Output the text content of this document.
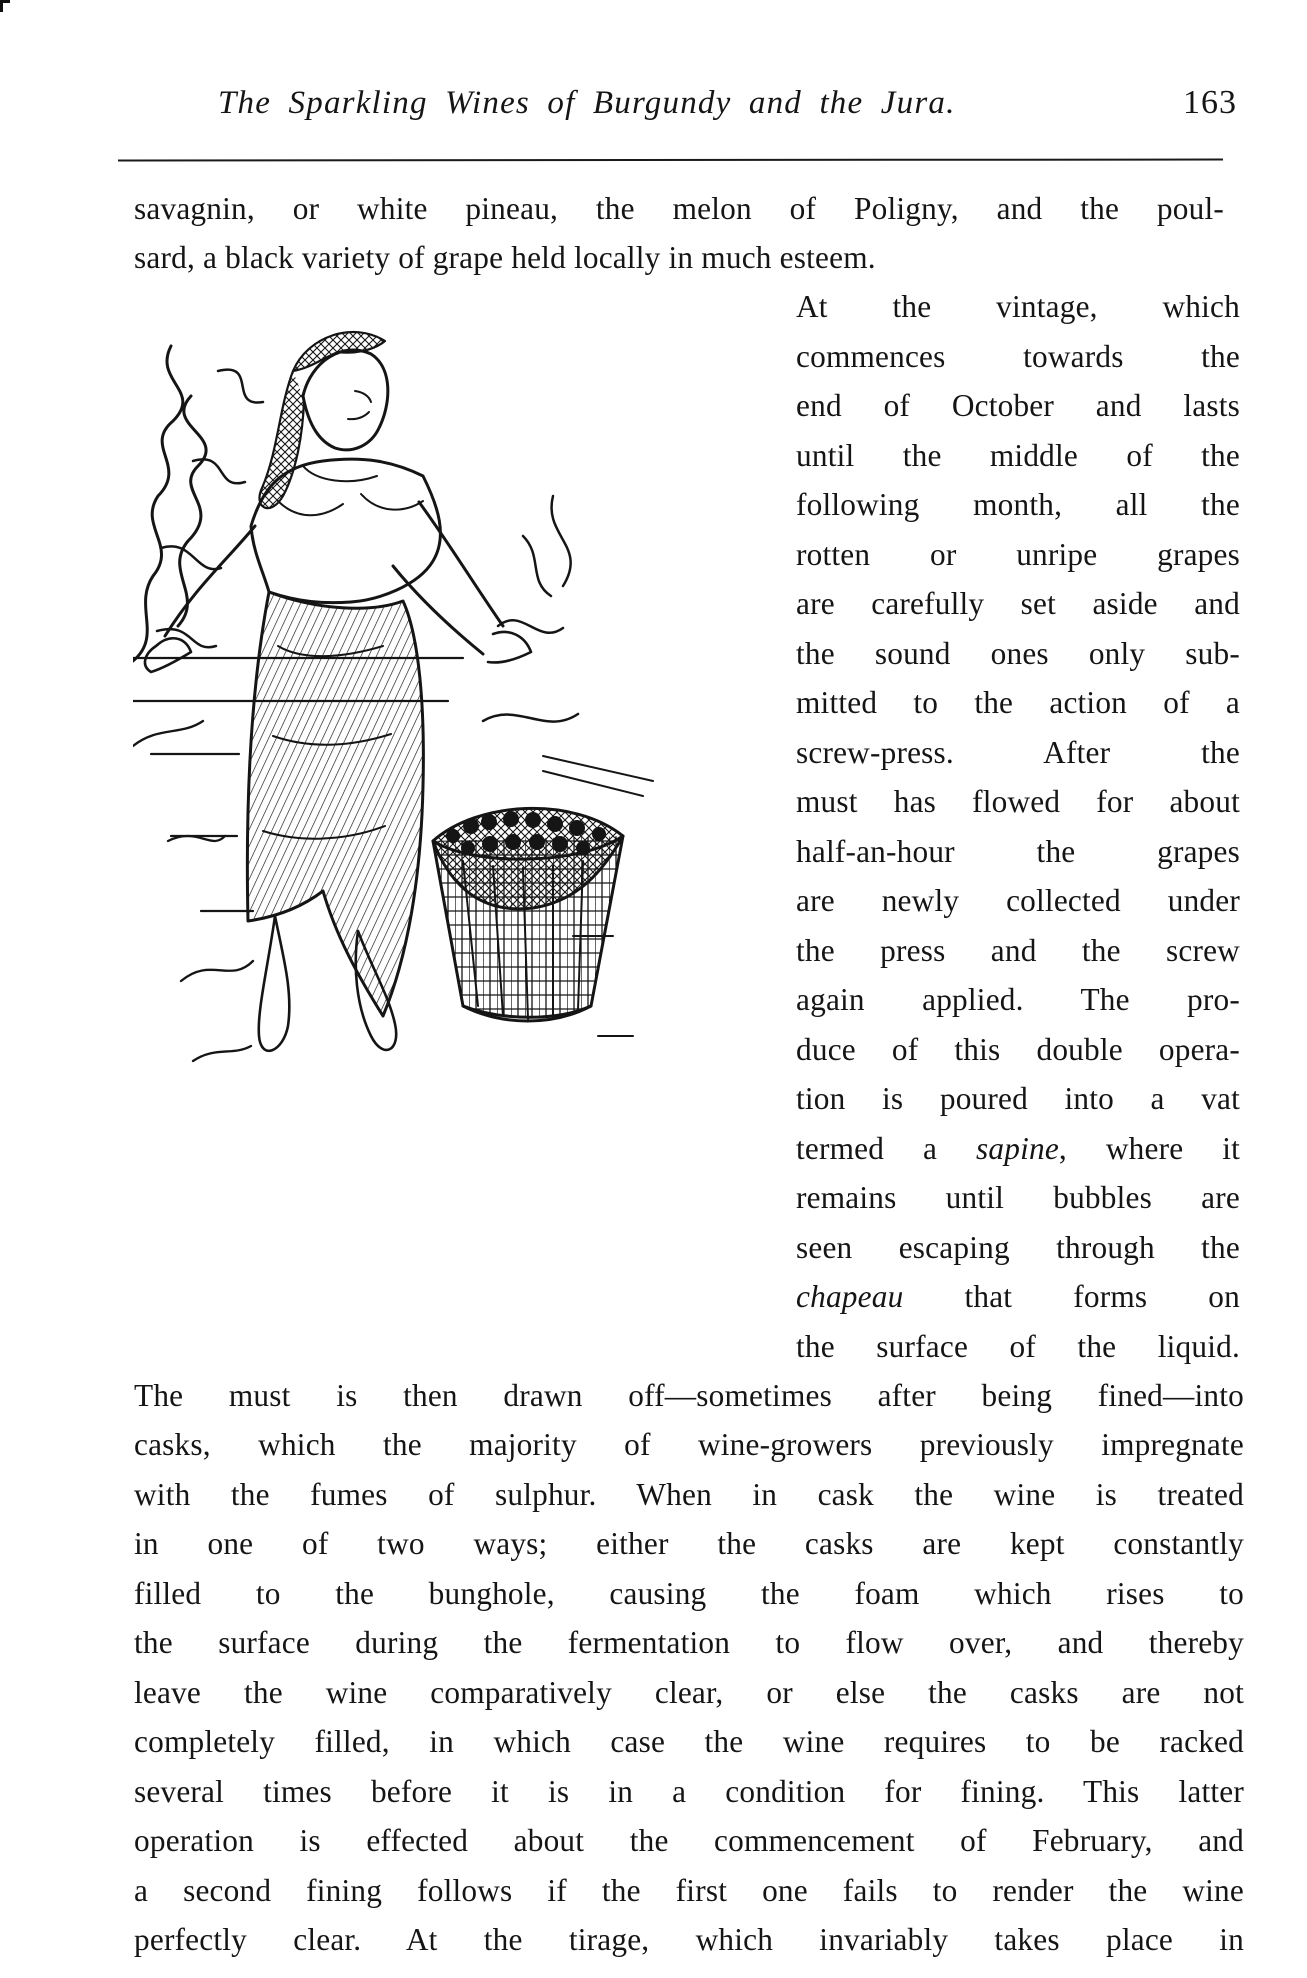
The Sparkling Wines of Burgundy and the Jura.	163

savagnin, or white pineau, the melon of Poligny, and the poul-

sard, a black variety of grape held locally in much esteem.

At the vintage, which

commences towards the

end of October and lasts

until the middle of the

following month, all the

rotten or unripe grapes

are carefully set aside and

the sound ones only sub-

mitted to the action of a

screw-press. After the

must has flowed for about

half-an-hour the grapes

are newly collected under

the press and the screw

again applied. The pro-

duce of this double opera-

tion is poured into a vat

termed a sapine, where it

remains until bubbles are

seen escaping through the

chapeau that forms on

the surface of the liquid.

The must is then drawn off—sometimes after being fined—into

casks, which the majority of wine-growers previously impregnate

with the fumes of sulphur. When in cask the wine is treated

in one of two ways; either the casks are kept constantly

filled to the bunghole, causing the foam which rises to

the surface during the fermentation to flow over, and thereby

leave the wine comparatively clear, or else the casks are not

completely filled, in which case the wine requires to be racked

several times before it is in a condition for fining. This latter

operation is effected about the commencement of February, and

a second fining follows if the first one fails to render the wine

perfectly clear. At the tirage, which invariably takes place in
